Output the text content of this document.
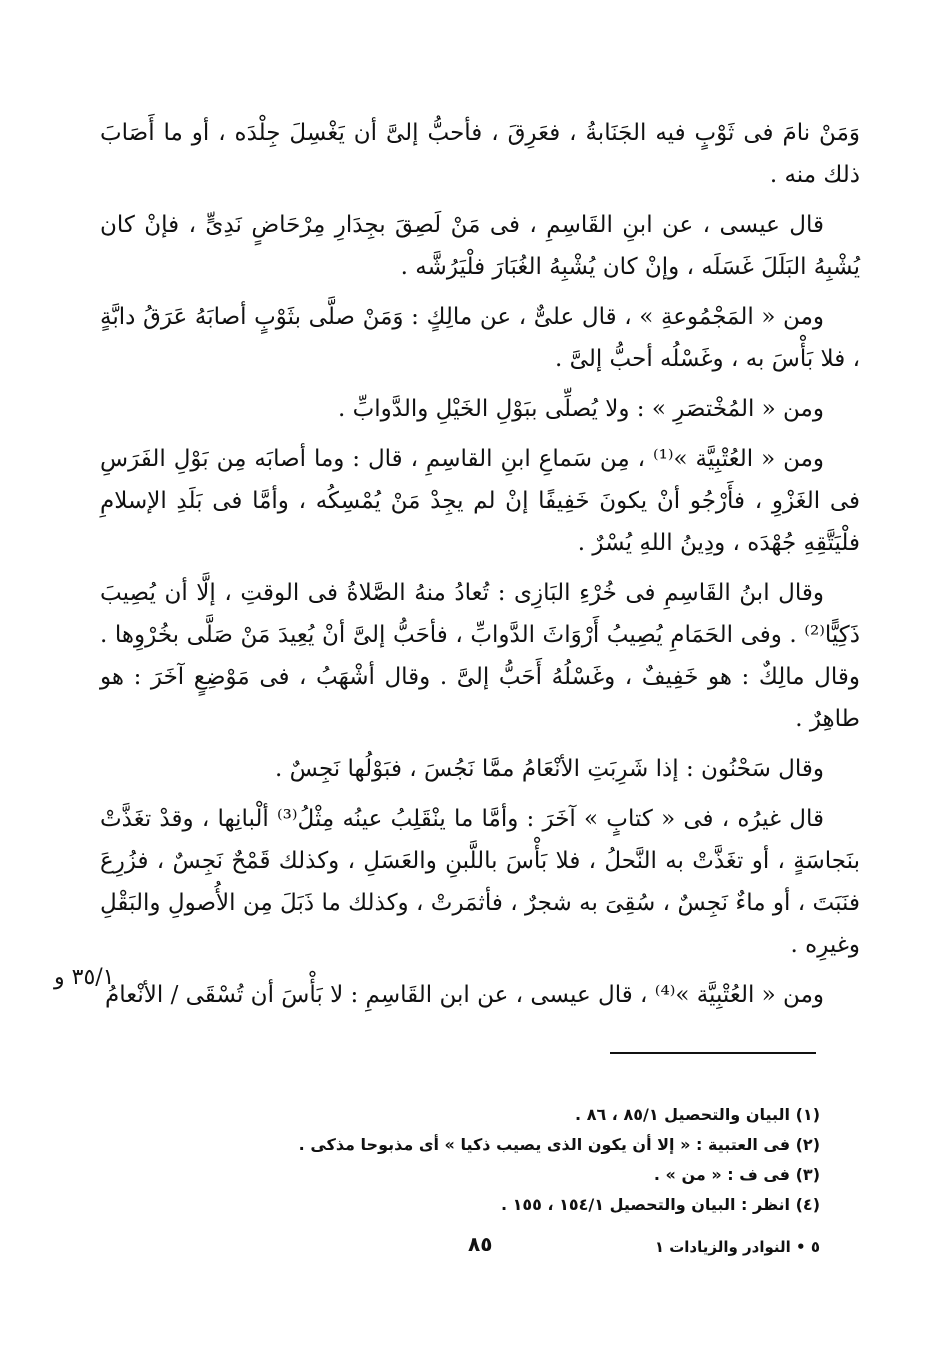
وَمَنْ نامَ فى ثَوْبٍ فيه الجَنَابةُ ، فعَرِقَ ، فأحبُّ إلىَّ أن يَغْسِلَ جِلْدَه ، أو ما أَصَابَ ذلك منه .

قال عيسى ، عن ابنِ القَاسِمِ ، فى مَنْ لَصِقَ بجِدَارِ مِرْحَاضٍ نَدِىٍّ ، فإنْ كان يُشْبِهُ البَلَلَ غَسَلَه ، وإنْ كان يُشْبِهُ الغُبَارَ فلْيَرُشَّه .

ومن « المَجْمُوعةِ » ، قال علىٌّ ، عن مالِكٍ : وَمَنْ صلَّى بثَوْبٍ أصابَهُ عَرَقُ دابَّةٍ ، فلا بَأْسَ به ، وغَسْلُه أحبُّ إلىَّ .

ومن « المُخْتصَرِ » : ولا يُصلِّى ببَوْلِ الخَيْلِ والدَّوابِّ .

ومن « العُتْبِيَّة »⁽¹⁾ ، مِن سَماعِ ابنِ القاسِمِ ، قال : وما أصابَه مِن بَوْلِ الفَرَسِ فى الغَزْوِ ، فأَرْجُو أنْ يكونَ خَفِيفًا إنْ لم يجِدْ مَنْ يُمْسِكُه ، وأمَّا فى بَلَدِ الإسلامِ فلْيَتَّقِهِ جُهْدَه ، ودِينُ اللهِ يُسْرٌ .

وقال ابنُ القَاسِمِ فى خُرْءِ البَازِى : تُعادُ منهُ الصَّلاةُ فى الوقتِ ، إلَّا أن يُصِيبَ ذَكِيًّا⁽²⁾ . وفى الحَمَامِ يُصِيبُ أَرْوَاثَ الدَّوابِّ ، فأحَبُّ إلىَّ أنْ يُعِيدَ مَنْ صَلَّى بخُرْوِها . وقال مالِكٌ : هو خَفِيفٌ ، وغَسْلُهُ أَحَبُّ إلىَّ . وقال أشْهَبُ ، فى مَوْضِعٍ آخَرَ : هو طاهِرٌ .

وقال سَحْنُون : إذا شَرِبَتِ الأنْعَامُ ممَّا نَجُسَ ، فبَوْلُها نَجِسٌ .

قال غيرُه ، فى « كتابٍ » آخَرَ : وأمَّا ما ينْقَلِبُ عينُه مِثْلُ⁽³⁾ ألْبانِها ، وقدْ تغَذَّتْ بنَجاسَةٍ ، أو تغَذَّتْ به النَّحلُ ، فلا بَأْسَ باللَّبنِ والعَسَلِ ، وكذلك قَمْحٌ نَجِسٌ ، فزُرِعَ فنَبَتَ ، أو ماءٌ نَجِسٌ ، سُقِىَ به شجرٌ ، فأثمَرتْ ، وكذلك ما ذَبَلَ مِن الأُصولِ والبَقْلِ وغيرِه .

ومن « العُتْبِيَّة »⁽⁴⁾ ، قال عيسى ، عن ابن القَاسِمِ : لا بَأْسَ أن تُسْقَى / الأنْعامُ

٣٥/١ و

(١) البيان والتحصيل ٨٥/١ ، ٨٦ .

(٢) فى العتبية : « إلا أن يكون الذى يصيب ذكيا » أى مذبوحا مذكى .

(٣) فى ف : « من » .

(٤) انظر : البيان والتحصيل ١٥٤/١ ، ١٥٥ .

٨٥	٥ • النوادر والزيادات ١
